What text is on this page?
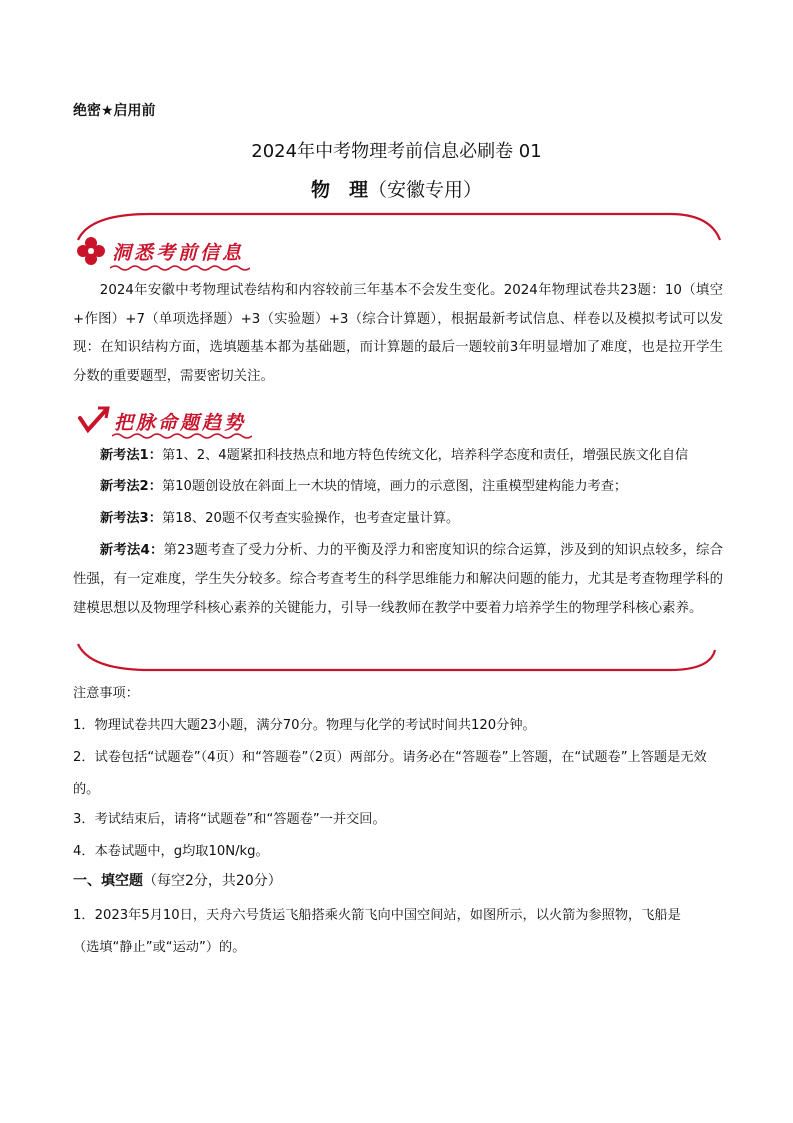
绝密★启用前
2024年中考物理考前信息必刷卷 01
物　理（安徽专用）
洞悉考前信息
2024年安徽中考物理试卷结构和内容较前三年基本不会发生变化。2024年物理试卷共23题：10（填空+作图）+7（单项选择题）+3（实验题）+3（综合计算题），根据最新考试信息、样卷以及模拟考试可以发现：在知识结构方面，选填题基本都为基础题，而计算题的最后一题较前3年明显增加了难度，也是拉开学生分数的重要题型，需要密切关注。
把脉命题趋势
新考法1：第1、2、4题紧扣科技热点和地方特色传统文化，培养科学态度和责任，增强民族文化自信
新考法2：第10题创设放在斜面上一木块的情境，画力的示意图，注重模型建构能力考查；
新考法3：第18、20题不仅考查实验操作，也考查定量计算。
新考法4：第23题考查了受力分析、力的平衡及浮力和密度知识的综合运算，涉及到的知识点较多，综合性强，有一定难度，学生失分较多。综合考查考生的科学思维能力和解决问题的能力，尤其是考查物理学科的建模思想以及物理学科核心素养的关键能力，引导一线教师在教学中要着力培养学生的物理学科核心素养。
注意事项：
1．物理试卷共四大题23小题，满分70分。物理与化学的考试时间共120分钟。
2．试卷包括“试题卷”（4页）和“答题卷”（2页）两部分。请务必在“答题卷”上答题，在“试题卷”上答题是无效的。
3．考试结束后，请将“试题卷”和“答题卷”一并交回。
4．本卷试题中，g均取10N/kg。
一、填空题（每空2分，共20分）
1．2023年5月10日，天舟六号货运飞船搭乘火箭飞向中国空间站，如图所示，以火箭为参照物，飞船是
（选填“静止”或“运动”）的。
